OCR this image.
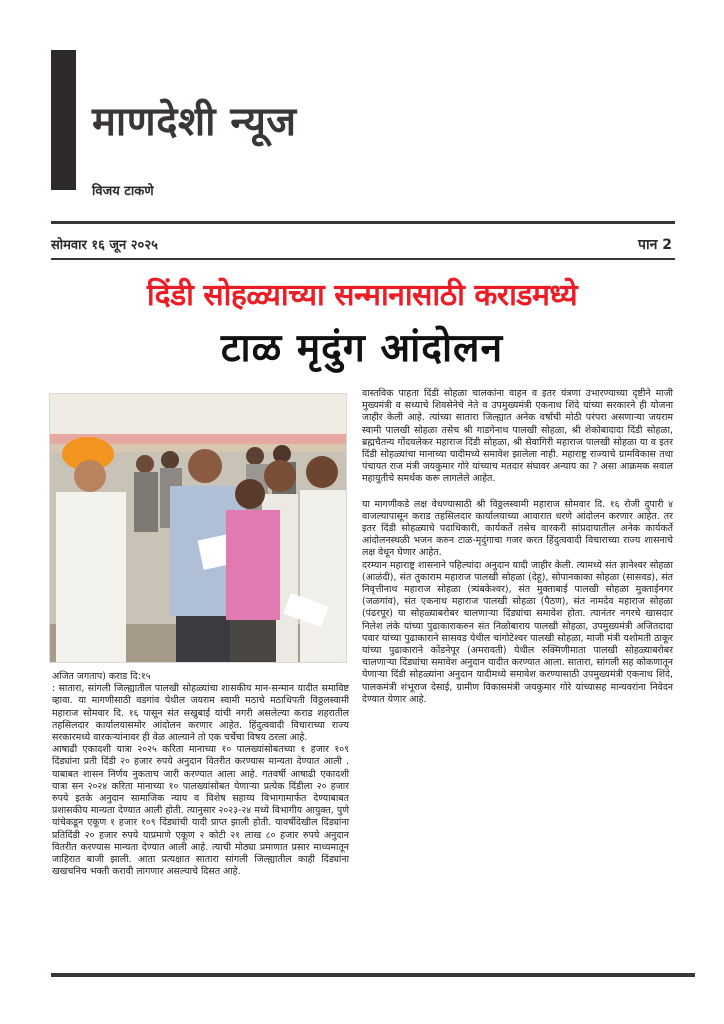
माणदेशी न्यूज
विजय टाकणे
सोमवार १६ जून २०२५	पान 2
दिंडी सोहळ्याच्या सन्मानासाठी कराडमध्ये
टाळ मृदुंग आंदोलन

अजित जगताप) कराड दि:१५

: सातारा, सांगली जिल्ह्यातील पालखी सोहळ्यांचा शासकीय मान-सन्मान यादीत समाविष्ट व्हावा. या मागणीसाठी वडगांव येथील जयराम स्वामी मठाचे मठाधिपती विठ्ठलस्वामी महाराज सोमवार दि. १६ पासून संत सखुबाई यांची नगरी असलेल्या कराड शहरातील तहसिलदार कार्यालयासमोर आंदोलन करणार आहेत. हिंदुत्ववादी विचाराच्या राज्य सरकारमध्ये वारकऱ्यांनावर ही वेळ आल्याने तो एक चर्चेचा विषय ठरला आहे.

आषाढी एकादशी यात्रा २०२५ करिता मानाच्या १० पालख्यांसोबतच्या १ हजार १०९ दिंड्यांना प्रती दिंडी २० हजार रुपये अनुदान वितरीत करण्यास मान्यता देण्यात आली . याबाबत शासन निर्णय नुकताच जारी करण्यात आला आहे. गतवर्षी आषाढी एकादशी यात्रा सन २०२४ करिता मानाच्या १० पालख्यांसोबत येणाऱ्या प्रत्येक दिंडीला २० हजार रुपये इतके अनुदान सामाजिक न्याय व विशेष सहाय्य विभागामार्फत देण्याबाबत प्रशासकीय मान्यता देण्यात आली होती. त्यानुसार २०२३-२४ मध्ये विभागीय आयुक्त, पुणे यांचेकडून एकूण १ हजार १०९ दिंड्यांची यादी प्राप्त झाली होती. यावर्षीदेखील दिंड्यांना प्रतिदिंडी २० हजार रुपये याप्रमाणे एकूण २ कोटी २१ लाख ८० हजार रुपये अनुदान वितरीत करण्यास मान्यता देण्यात आली आहे. त्याची मोठ्या प्रमाणात प्रसार माध्यमातून जाहिरात बाजी झाली. आता प्रत्यक्षात सातारा सांगली जिल्ह्यातील काही दिंड्यांना खखचनिच भक्ती करावी लागणार असल्याचे दिसत आहे.

वास्तविक पाहता दिंडी सोहळा चालकांना वाहन व इतर यंत्रणा उभारण्याच्या दृष्टीने माजी मुख्यमंत्री व सध्याचे शिवसेनेचे नेते व उपमुख्यमंत्री एकनाथ शिंदे यांच्या सरकारने ही योजना जाहीर केली आहे. त्यांच्या सातारा जिल्ह्यात अनेक वर्षांची मोठी परंपरा असणाऱ्या जयराम स्वामी पालखी सोहळा तसेच श्री गाडगेनाथ पालखी सोहळा, श्री शेकोबादादा दिंडी सोहळा, ब्रह्मचैतन्य गोंदवलेकर महाराज दिंडी सोहळा, श्री सेवागिरी महाराज पालखी सोहळा या व इतर दिंडी सोहळ्यांचा मानाच्या यादीमध्ये समावेश झालेला नाही. महाराष्ट्र राज्याचे ग्रामविकास तथा पंचायत राज मंत्री जयकुमार गोरे यांच्याच मतदार संघावर अन्याय का ? असा आक्रमक सवाल महायुतीचे समर्थक करू लागलेले आहेत.

या मागणीकडे लक्ष वेधण्यासाठी श्री विठ्ठलस्वामी महाराज सोमवार दि. १६ रोजी दुपारी ४ वाजल्यापासून कराड तहसिलदार कार्यालयाच्या आवारात धरणे आंदोलन करणार आहेत. तर इतर दिंडी सोहळ्याचे पदाधिकारी, कार्यकर्ते तसेच वारकरी सांप्रदायातील अनेक कार्यकर्ते आंदोलनस्थळी भजन करुन टाळ-मृदुंगाचा गजर करत हिंदुत्ववादी विचाराच्या राज्य शासनाचे लक्ष वेधून घेणार आहेत.

दरम्यान महाराष्ट्र शासनाने पहिल्यांदा अनुदान यादी जाहीर केली. त्यामध्ये संत ज्ञानेश्वर सोहळा (आळंदी), संत तुकाराम महाराज पालखी सोहळा (देहू), सोपानकाका सोहळा (सासवड), संत निवृत्तीनाथ महाराज सोहळा (त्र्यंबकेश्वर), संत मुक्ताबाई पालखी सोहळा मुक्ताईनगर (जळगांव), संत एकनाथ महाराज पालखी सोहळा (पैठण), संत नामदेव महाराज सोहळा (पंढरपूर) या सोहळ्याबरोबर चालणाऱ्या दिंड्यांचा समावेश होता. त्यानंतर नगरचे खासदार निलेश लंके यांच्या पुढाकाराकरुन संत निळोबाराय पालखी सोहळा, उपमुख्यमंत्री अजितदादा पवार यांच्या पुढाकाराने सासवड येथील चांगोटेश्वर पालखी सोहळा, माजी मंत्री यशोमती ठाकूर यांच्या पुढाकाराने कोंडनेपूर (अमरावती) येथील रुक्मिणीमाता पालखी सोहळ्याबरोबर चालणाऱ्या दिंड्यांचा समावेश अनुदान यादीत करण्यात आला. सातारा, सांगली सह कोकणातून येणाऱ्या दिंडी सोहळ्यांना अनुदान यादीमध्ये समावेश करण्यासाठी उपमुख्यमंत्री एकनाथ शिंदे, पालकमंत्री शंभूराज देसाई, ग्रामीण विकासमंत्री जयकुमार गोरे यांच्यासह मान्यवरांना निवेदन देण्यात येणार आहे.
